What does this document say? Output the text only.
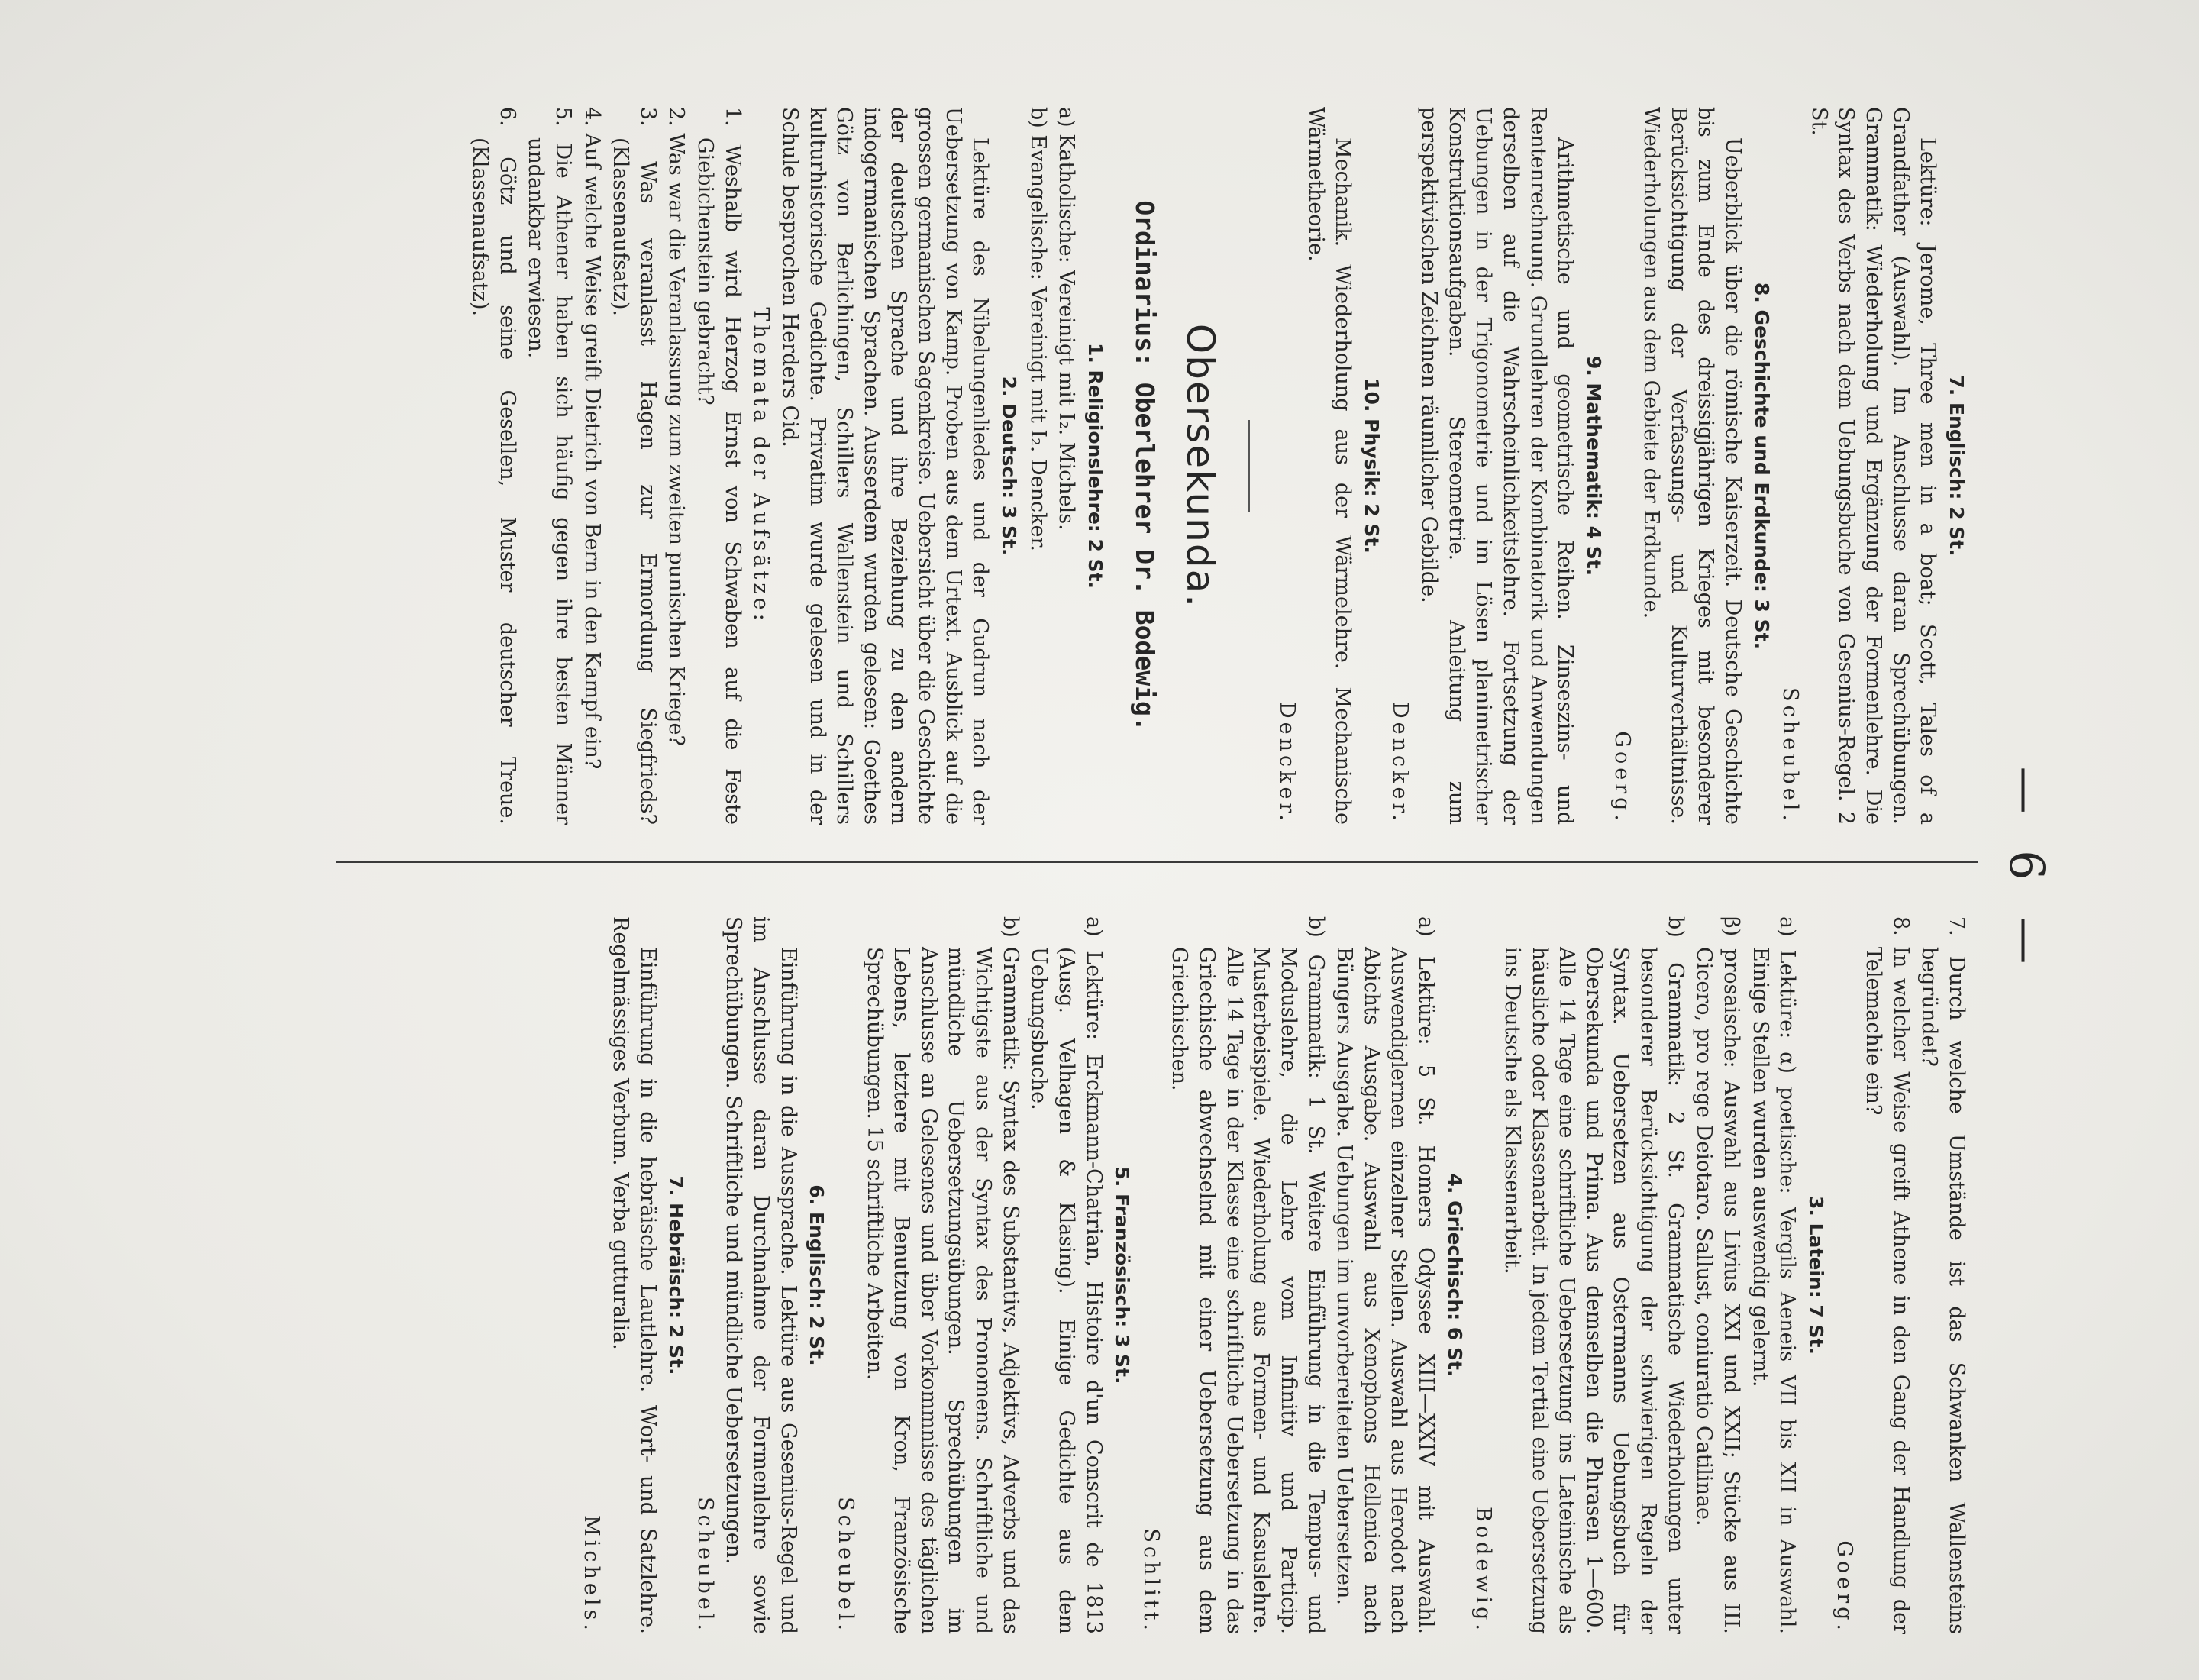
— 6 —

7. Englisch: 2 St.

Lektüre: Jerome, Three men in a boat; Scott, Tales of a Grandfather (Auswahl). Im Anschlusse daran Sprechübungen. Grammatik: Wiederholung und Ergänzung der Formenlehre. Die Syntax des Verbs nach dem Uebungsbuche von Gesenius-Regel. 2 St.

Scheubel.

8. Geschichte und Erdkunde: 3 St.

Ueberblick über die römische Kaiserzeit. Deutsche Geschichte bis zum Ende des dreissigjährigen Krieges mit besonderer Berücksichtigung der Verfassungs- und Kulturverhältnisse. Wiederholungen aus dem Gebiete der Erdkunde.

Goerg.

9. Mathematik: 4 St.

Arithmetische und geometrische Reihen. Zinseszins- und Rentenrechnung. Grundlehren der Kombinatorik und Anwendungen derselben auf die Wahrscheinlichkeitslehre. Fortsetzung der Uebungen in der Trigonometrie und im Lösen planimetrischer Konstruktionsaufgaben. Stereometrie. Anleitung zum perspektivischen Zeichnen räumlicher Gebilde.

Dencker.

10. Physik: 2 St.

Mechanik. Wiederholung aus der Wärmelehre. Mechanische Wärmetheorie.

Dencker.

Obersekunda.
Ordinarius: Oberlehrer Dr. Bodewig.

1. Religionslehre: 2 St.

a) Katholische: Vereinigt mit I₂. Michels.

b) Evangelische: Vereinigt mit I₂. Dencker.

2. Deutsch: 3 St.

Lektüre des Nibelungenliedes und der Gudrun nach der Uebersetzung von Kamp. Proben aus dem Urtext. Ausblick auf die grossen germanischen Sagenkreise. Uebersicht über die Geschichte der deutschen Sprache und ihre Beziehung zu den andern indogermanischen Sprachen. Ausserdem wurden gelesen: Goethes Götz von Berlichingen, Schillers Wallenstein und Schillers kulturhistorische Gedichte. Privatim wurde gelesen und in der Schule besprochen Herders Cid.

Themata der Aufsätze:

1. Weshalb wird Herzog Ernst von Schwaben auf die Feste Giebichenstein gebracht?

2. Was war die Veranlassung zum zweiten punischen Kriege?

3. Was veranlasst Hagen zur Ermordung Siegfrieds? (Klassenaufsatz).

4. Auf welche Weise greift Dietrich von Bern in den Kampf ein?

5. Die Athener haben sich häufig gegen ihre besten Männer undankbar erwiesen.

6. Götz und seine Gesellen, Muster deutscher Treue. (Klassenaufsatz).

7. Durch welche Umstände ist das Schwanken Wallensteins begründet?

8. In welcher Weise greift Athene in den Gang der Handlung der Telemachie ein?

Goerg.

3. Latein: 7 St.

a) Lektüre: α) poetische: Vergils Aeneis VII bis XII in Auswahl. Einige Stellen wurden auswendig gelernt.

β) prosaische: Auswahl aus Livius XXI und XXII; Stücke aus III. Cicero, pro rege Deiotaro. Sallust, coniuratio Catilinae.

b) Grammatik: 2 St. Grammatische Wiederholungen unter besonderer Berücksichtigung der schwierigen Regeln der Syntax. Uebersetzen aus Ostermanns Uebungsbuch für Obersekunda und Prima. Aus demselben die Phrasen 1—600. Alle 14 Tage eine schriftliche Uebersetzung ins Lateinische als häusliche oder Klassenarbeit. In jedem Tertial eine Uebersetzung ins Deutsche als Klassenarbeit.

Bodewig.

4. Griechisch: 6 St.

a) Lektüre: 5 St. Homers Odyssee XIII—XXIV mit Auswahl. Auswendiglernen einzelner Stellen. Auswahl aus Herodot nach Abichts Ausgabe. Auswahl aus Xenophons Hellenica nach Büngers Ausgabe. Uebungen im unvorbereiteten Uebersetzen.

b) Grammatik: 1 St. Weitere Einführung in die Tempus- und Moduslehre, die Lehre vom Infinitiv und Particip. Musterbeispiele. Wiederholung aus Formen- und Kasuslehre. Alle 14 Tage in der Klasse eine schriftliche Uebersetzung in das Griechische abwechselnd mit einer Uebersetzung aus dem Griechischen.

Schlitt.

5. Französisch: 3 St.

a) Lektüre: Erckmann-Chatrian, Histoire d'un Conscrit de 1813 (Ausg. Velhagen & Klasing). Einige Gedichte aus dem Uebungsbuche.

b) Grammatik: Syntax des Substantivs, Adjektivs, Adverbs und das Wichtigste aus der Syntax des Pronomens. Schriftliche und mündliche Uebersetzungsübungen. Sprechübungen im Anschlusse an Gelesenes und über Vorkommnisse des täglichen Lebens, letztere mit Benutzung von Kron, Französische Sprechübungen. 15 schriftliche Arbeiten.

Scheubel.

6. Englisch: 2 St.

Einführung in die Aussprache. Lektüre aus Gesenius-Regel und im Anschlusse daran Durchnahme der Formenlehre sowie Sprechübungen. Schriftliche und mündliche Uebersetzungen.

Scheubel.

7. Hebräisch: 2 St.

Einführung in die hebräische Lautlehre. Wort- und Satzlehre. Regelmässiges Verbum. Verba gutturalia.

Michels.
